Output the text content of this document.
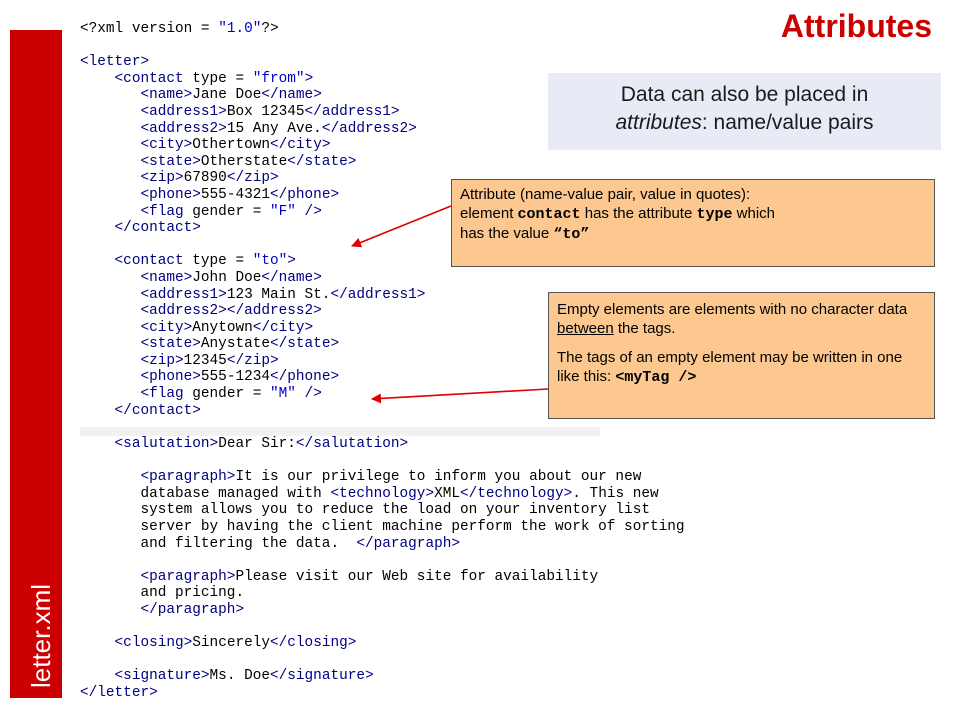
letter.xml
<?xml version = "1.0"?>

<letter>
<contact type = "from">
<name>Jane Doe</name>
<address1>Box 12345</address1>
<address2>15 Any Ave.</address2>
<city>Othertown</city>
<state>Otherstate</state>
<zip>67890</zip>
<phone>555-4321</phone>
<flag gender = "F" />
</contact>

<contact type = "to">
<name>John Doe</name>
<address1>123 Main St.</address1>
<address2></address2>
<city>Anytown</city>
<state>Anystate</state>
<zip>12345</zip>
<phone>555-1234</phone>
<flag gender = "M" />
</contact>
<salutation>Dear Sir:</salutation>

<paragraph>It is our privilege to inform you about our new
database managed with <technology>XML</technology>. This new
system allows you to reduce the load on your inventory list
server by having the client machine perform the work of sorting
and filtering the data.  </paragraph>

<paragraph>Please visit our Web site for availability
and pricing.
</paragraph>

<closing>Sincerely</closing>

<signature>Ms. Doe</signature>
</letter>
Attributes
Data can also be placed in
attributes: name/value pairs
Attribute (name-value pair, value in quotes):
element contact has the attribute type which
has the value “to”

Empty elements are elements with no character data between the tags.

The tags of an empty element may be written in one like this: <myTag />
